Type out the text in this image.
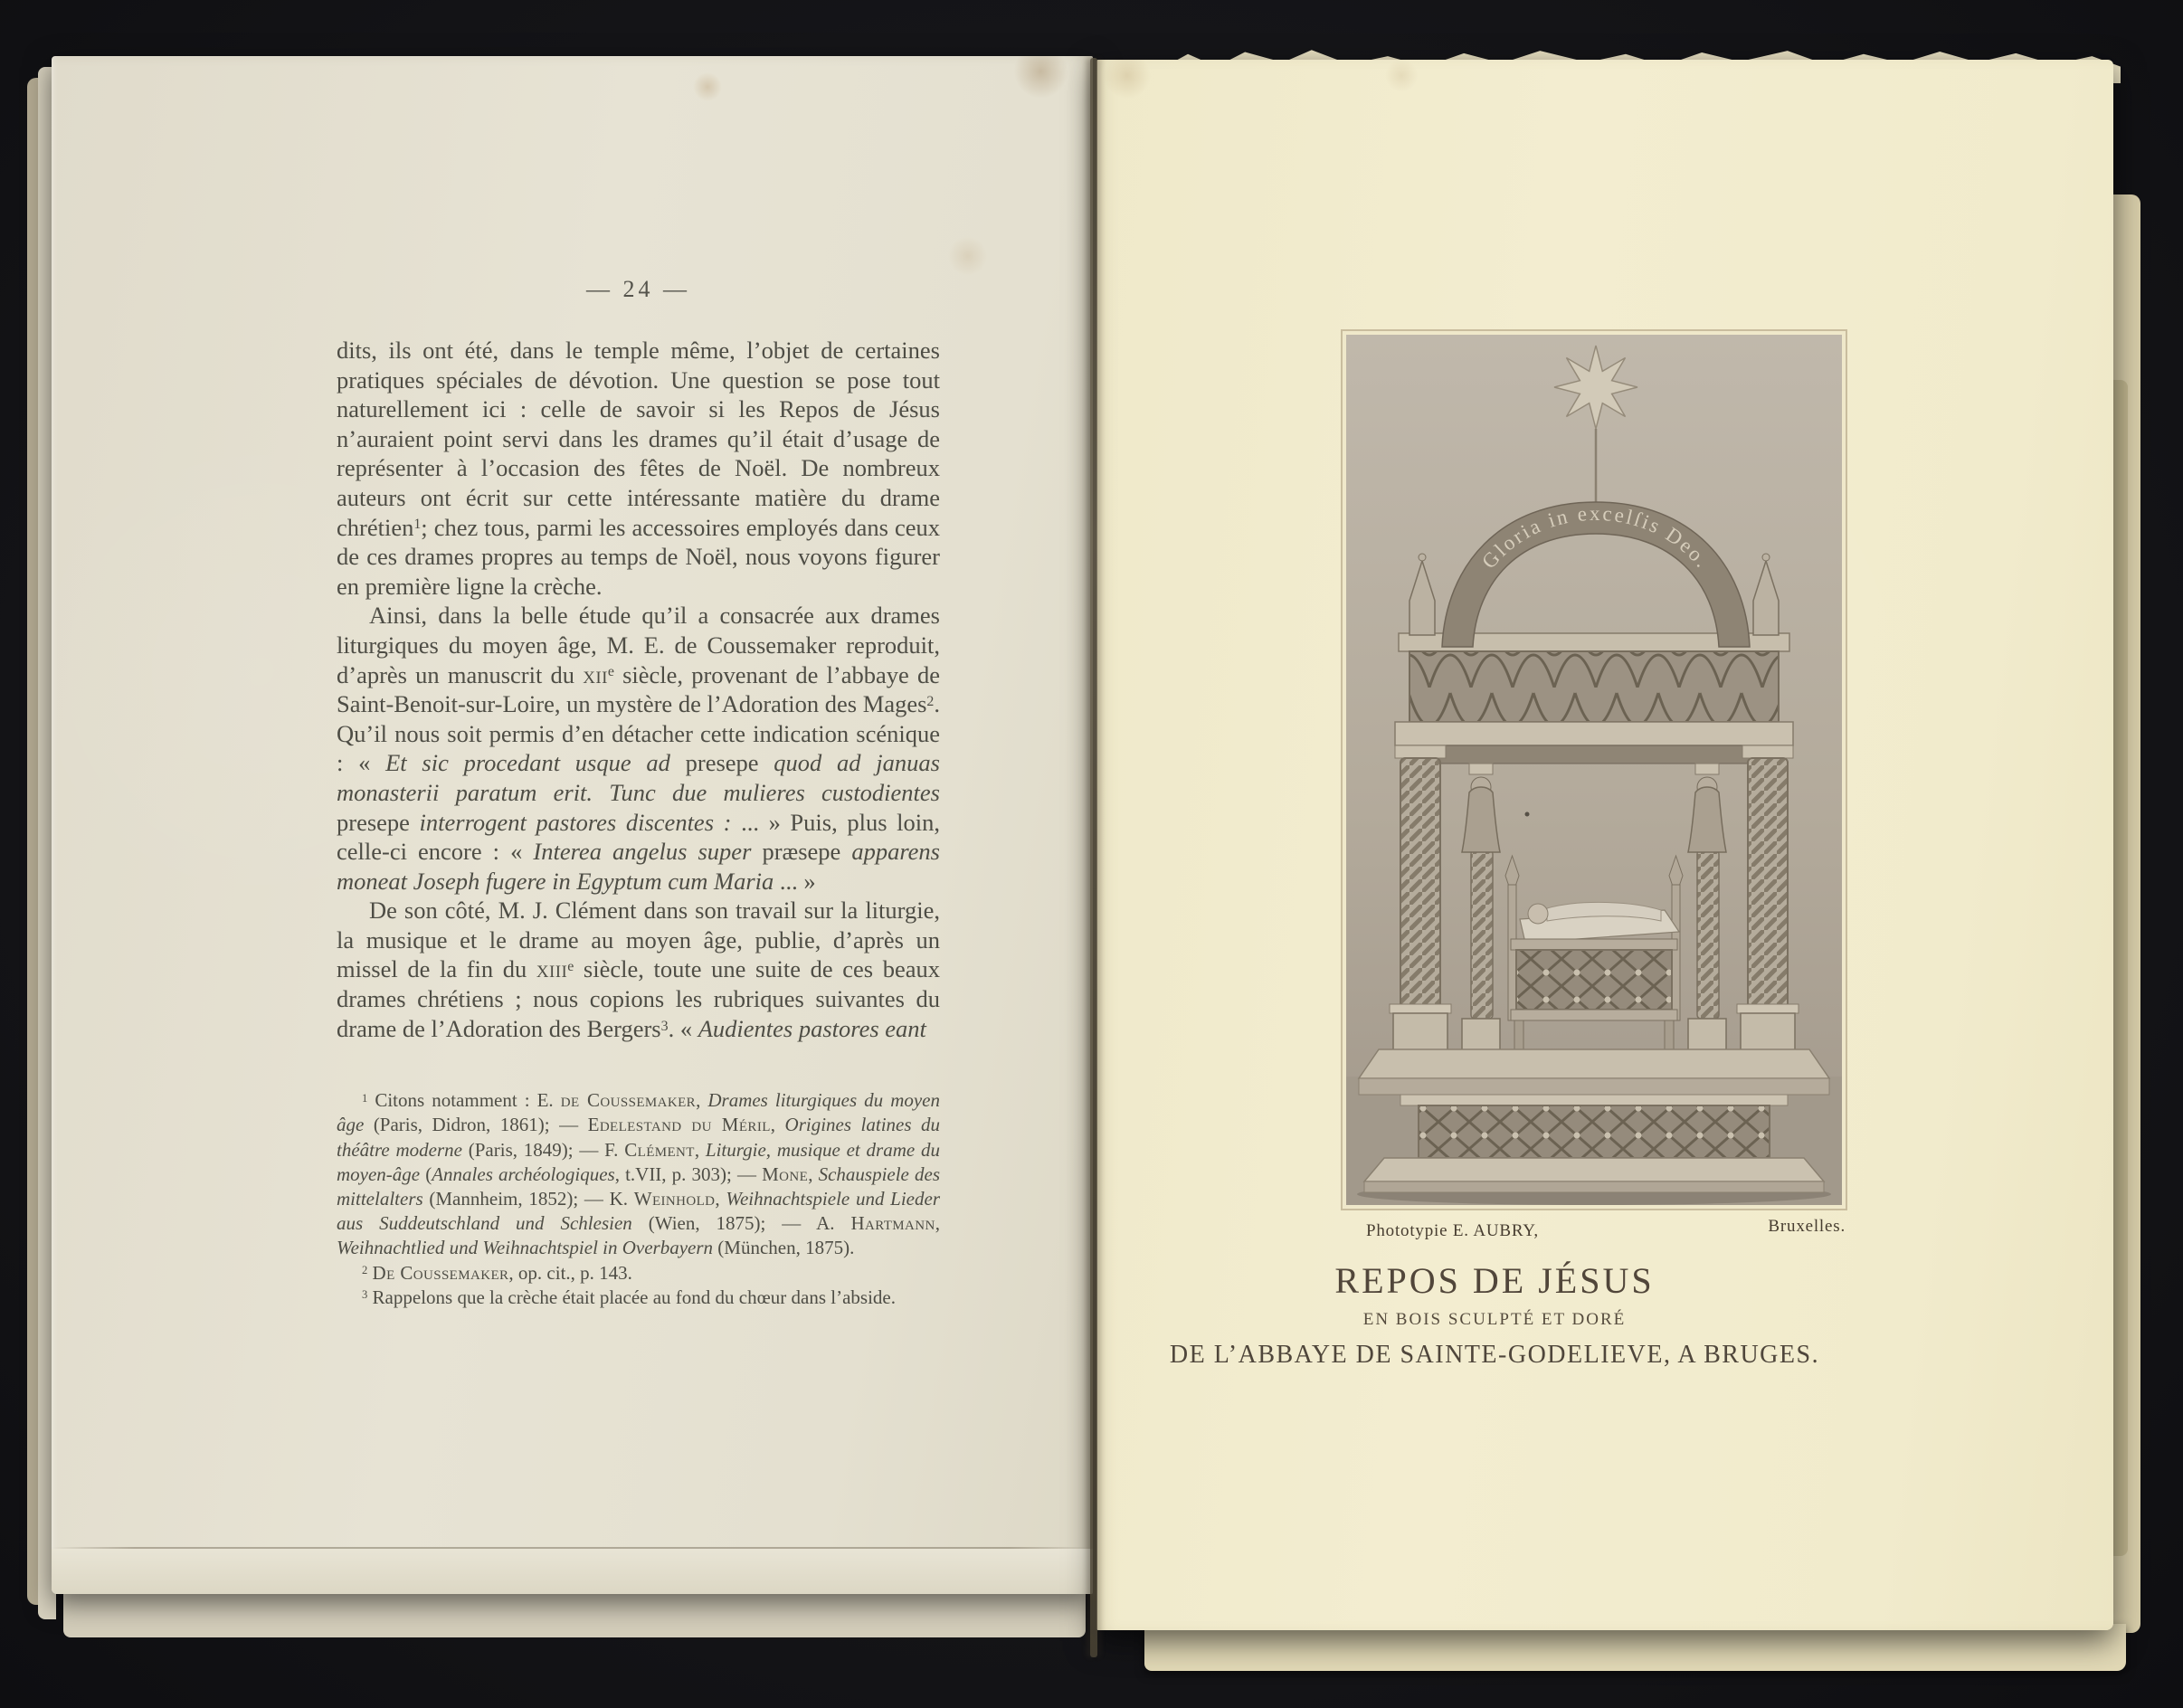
— 24 —

dits, ils ont été, dans le temple même, l’objet de certaines pratiques spéciales de dévotion. Une question se pose tout naturellement ici : celle de savoir si les Repos de Jésus n’auraient point servi dans les drames qu’il était d’usage de représenter à l’occasion des fêtes de Noël. De nombreux auteurs ont écrit sur cette intéressante matière du drame chrétien$^1$; chez tous, parmi les accessoires employés dans ceux de ces drames propres au temps de Noël, nous voyons figurer en première ligne la crèche.

Ainsi, dans la belle étude qu’il a consacrée aux drames liturgiques du moyen âge, M. E. de Coussemaker reproduit, d’après un manuscrit du xii$^e$ siècle, provenant de l’abbaye de Saint-Benoit-sur-Loire, un mystère de l’Adoration des Mages$^2$. Qu’il nous soit permis d’en détacher cette indication scénique : « Et sic procedant usque ad presepe quod ad januas monasterii paratum erit. Tunc due mulieres custodientes presepe interrogent pastores discentes : ... » Puis, plus loin, celle-ci encore : « Interea angelus super præsepe apparens moneat Joseph fugere in Egyptum cum Maria ... »

De son côté, M. J. Clément dans son travail sur la liturgie, la musique et le drame au moyen âge, publie, d’après un missel de la fin du xiii$^e$ siècle, toute une suite de ces beaux drames chrétiens ; nous copions les rubriques suivantes du drame de l’Adoration des Bergers$^3$. « Audientes pastores eant

$^1$ Citons notamment : E. de Coussemaker, Drames liturgiques du moyen âge (Paris, Didron, 1861); — Edelestand du Méril, Origines latines du théâtre moderne (Paris, 1849); — F. Clément, Liturgie, musique et drame du moyen-âge (Annales archéologiques, t.VII, p. 303); — Mone, Schauspiele des mittelalters (Mannheim, 1852); — K. Weinhold, Weihnachtspiele und Lieder aus Suddeutschland und Schlesien (Wien, 1875); — A. Hartmann, Weihnachtlied und Weihnachtspiel in Overbayern (München, 1875).

$^2$ De Coussemaker, op. cit., p. 143.

$^3$ Rappelons que la crèche était placée au fond du chœur dans l’abside.

Gloria in excelſis Deo.
Phototypie E. AUBRY,	Bruxelles.
REPOS DE JÉSUS
EN BOIS SCULPTÉ ET DORÉ
DE L’ABBAYE DE SAINTE-GODELIEVE, A BRUGES.
